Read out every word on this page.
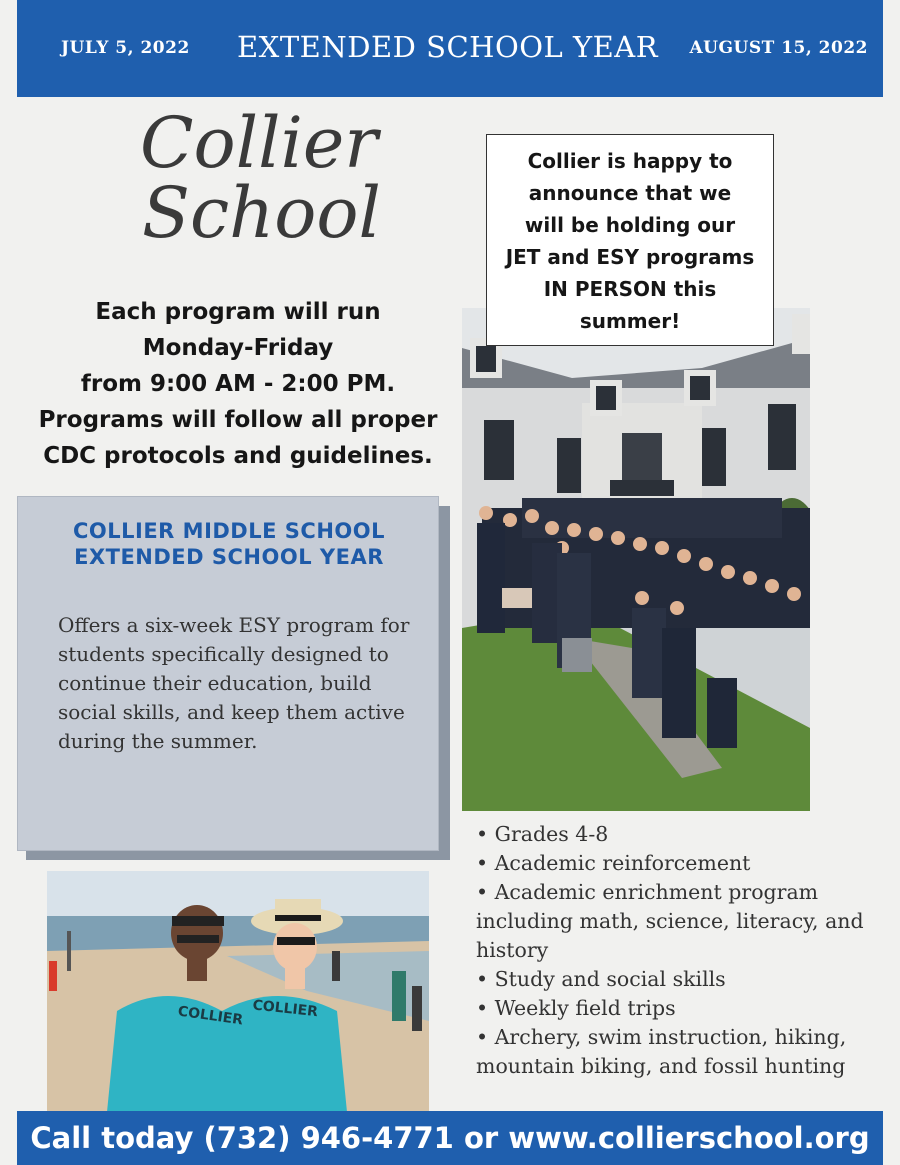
JULY 5, 2022 EXTENDED SCHOOL YEAR AUGUST 15, 2022
Collier
School
Each program will run
Monday-Friday
from 9:00 AM - 2:00 PM.
Programs will follow all proper
CDC protocols and guidelines.
Collier is happy to
announce that we
will be holding our
JET and ESY programs
IN PERSON this
summer!
COLLIER MIDDLE SCHOOL
EXTENDED SCHOOL YEAR
Offers a six-week ESY program for students specifically designed to continue their education, build social skills, and keep them active during the summer.
COLLIER COLLIER
• Grades 4-8
• Academic reinforcement
• Academic enrichment program including math, science, literacy, and history
• Study and social skills
• Weekly field trips
• Archery, swim instruction, hiking, mountain biking, and fossil hunting
Call today (732) 946-4771 or www.collierschool.org
